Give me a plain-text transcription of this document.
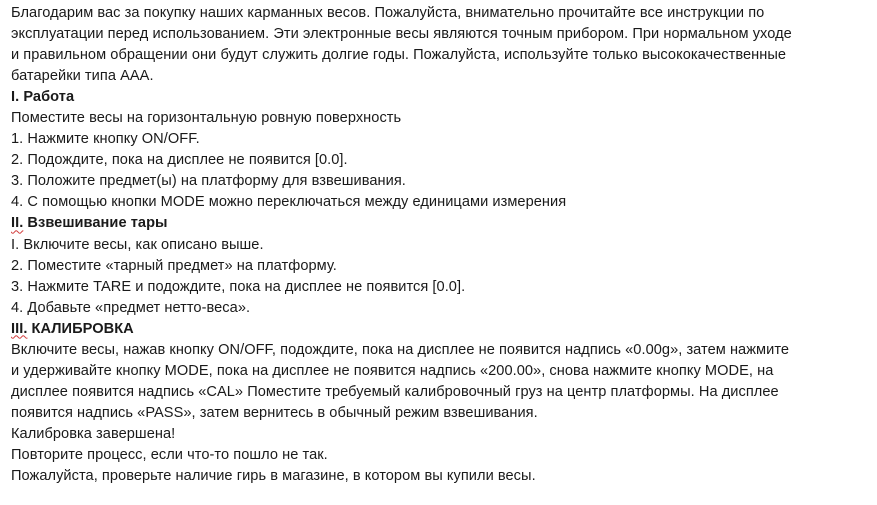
Благодарим вас за покупку наших карманных весов. Пожалуйста, внимательно прочитайте все инструкции по
эксплуатации перед использованием. Эти электронные весы являются точным прибором. При нормальном уходе
и правильном обращении они будут служить долгие годы. Пожалуйста, используйте только высококачественные
батарейки типа AAA.
I. Работа
Поместите весы на горизонтальную ровную поверхность
1. Нажмите кнопку ON/OFF.
2. Подождите, пока на дисплее не появится [0.0].
3. Положите предмет(ы) на платформу для взвешивания.
4. С помощью кнопки MODE можно переключаться между единицами измерения
II. Взвешивание тары
I. Включите весы, как описано выше.
2. Поместите «тарный предмет» на платформу.
3. Нажмите TARE и подождите, пока на дисплее не появится [0.0].
4. Добавьте «предмет нетто-веса».
III. КАЛИБРОВКА
Включите весы, нажав кнопку ON/OFF, подождите, пока на дисплее не появится надпись «0.00g», затем нажмите
и удерживайте кнопку MODE, пока на дисплее не появится надпись «200.00», снова нажмите кнопку MODE, на
дисплее появится надпись «CAL» Поместите требуемый калибровочный груз на центр платформы. На дисплее
появится надпись «PASS», затем вернитесь в обычный режим взвешивания.
Калибровка завершена!
Повторите процесс, если что-то пошло не так.
Пожалуйста, проверьте наличие гирь в магазине, в котором вы купили весы.
